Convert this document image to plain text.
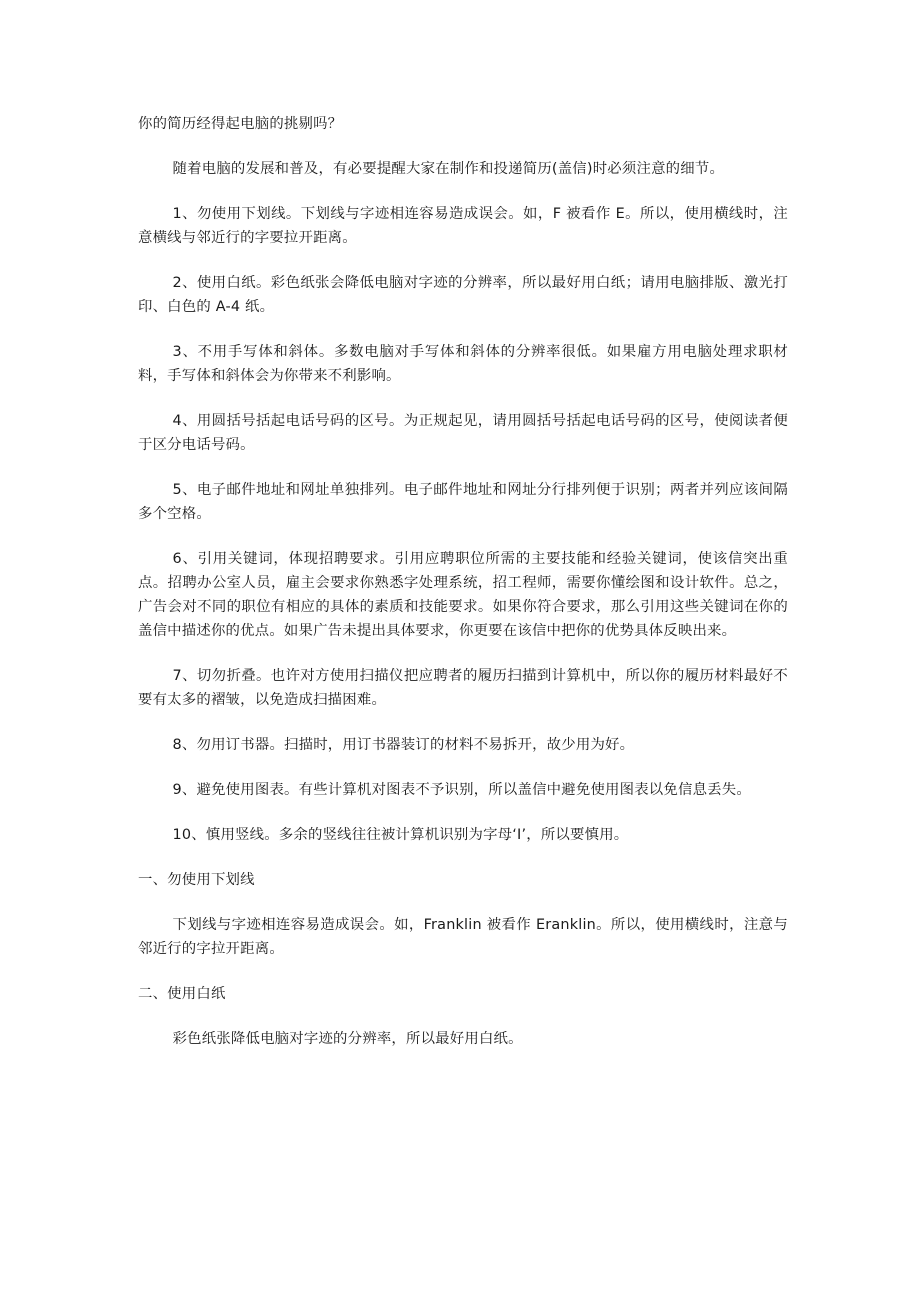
你的简历经得起电脑的挑剔吗？

随着电脑的发展和普及，有必要提醒大家在制作和投递简历(盖信)时必须注意的细节。

1、勿使用下划线。下划线与字迹相连容易造成误会。如，F 被看作 E。所以，使用横线时，注意横线与邻近行的字要拉开距离。

2、使用白纸。彩色纸张会降低电脑对字迹的分辨率，所以最好用白纸；请用电脑排版、激光打印、白色的 A-4 纸。

3、不用手写体和斜体。多数电脑对手写体和斜体的分辨率很低。如果雇方用电脑处理求职材料，手写体和斜体会为你带来不利影响。

4、用圆括号括起电话号码的区号。为正规起见，请用圆括号括起电话号码的区号，使阅读者便于区分电话号码。

5、电子邮件地址和网址单独排列。电子邮件地址和网址分行排列便于识别；两者并列应该间隔多个空格。

6、引用关键词，体现招聘要求。引用应聘职位所需的主要技能和经验关键词，使该信突出重点。招聘办公室人员，雇主会要求你熟悉字处理系统，招工程师，需要你懂绘图和设计软件。总之，广告会对不同的职位有相应的具体的素质和技能要求。如果你符合要求，那么引用这些关键词在你的盖信中描述你的优点。如果广告未提出具体要求，你更要在该信中把你的优势具体反映出来。

7、切勿折叠。也许对方使用扫描仪把应聘者的履历扫描到计算机中，所以你的履历材料最好不要有太多的褶皱，以免造成扫描困难。

8、勿用订书器。扫描时，用订书器装订的材料不易拆开，故少用为好。

9、避免使用图表。有些计算机对图表不予识别，所以盖信中避免使用图表以免信息丢失。

10、慎用竖线。多余的竖线往往被计算机识别为字母‘I’，所以要慎用。

一、勿使用下划线

下划线与字迹相连容易造成误会。如，Franklin 被看作 Eranklin。所以，使用横线时，注意与邻近行的字拉开距离。

二、使用白纸

彩色纸张降低电脑对字迹的分辨率，所以最好用白纸。
